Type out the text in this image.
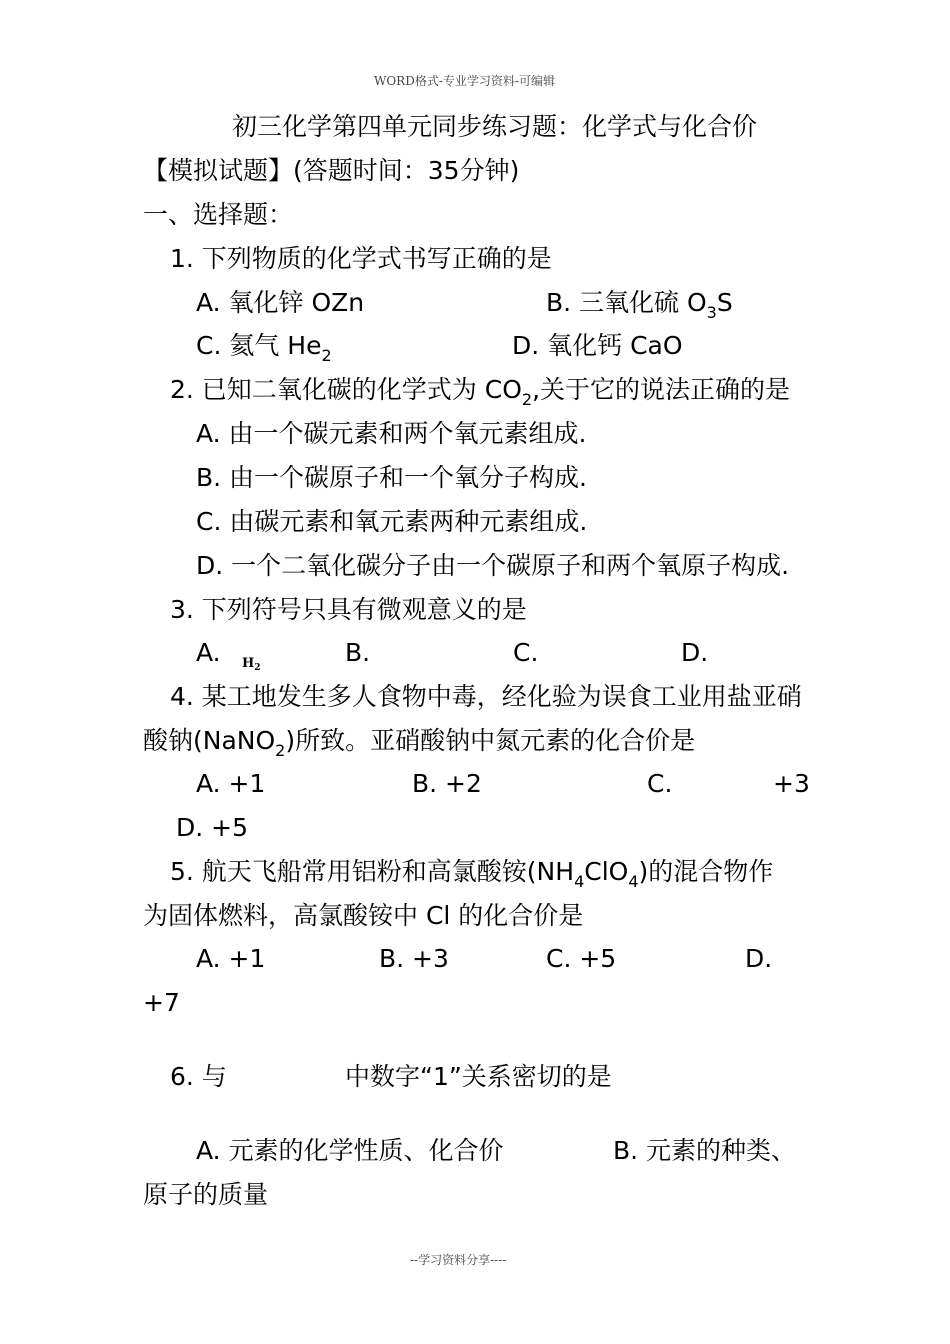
WORD格式-专业学习资料-可编辑
初三化学第四单元同步练习题：化学式与化合价
【模拟试题】(答题时间：35分钟)
一、选择题：
1. 下列物质的化学式书写正确的是
A. 氧化锌 OZn	B. 三氧化硫 $O_3S$
C. 氦气 $He_2$	D. 氧化钙 CaO
2. 已知二氧化碳的化学式为 $CO_2$,关于它的说法正确的是
A. 由一个碳元素和两个氧元素组成.
B. 由一个碳原子和一个氧分子构成.
C. 由碳元素和氧元素两种元素组成.
D. 一个二氧化碳分子由一个碳原子和两个氧原子构成.
3. 下列符号只具有微观意义的是
A. $H_2$
B.	C.	D.
4. 某工地发生多人食物中毒，经化验为误食工业用盐亚硝
酸钠(NaNO$_2$)所致。亚硝酸钠中氮元素的化合价是
A. +1	B. +2	C.	+3
D. +5
5. 航天飞船常用铝粉和高氯酸铵$(NH_4ClO_4)$的混合物作
为固体燃料，高氯酸铵中 Cl 的化合价是
A. +1	B. +3	C. +5	D.
+7
6. 与	中数字“1”关系密切的是
A. 元素的化学性质、化合价	B. 元素的种类、
原子的质量
--学习资料分享----
